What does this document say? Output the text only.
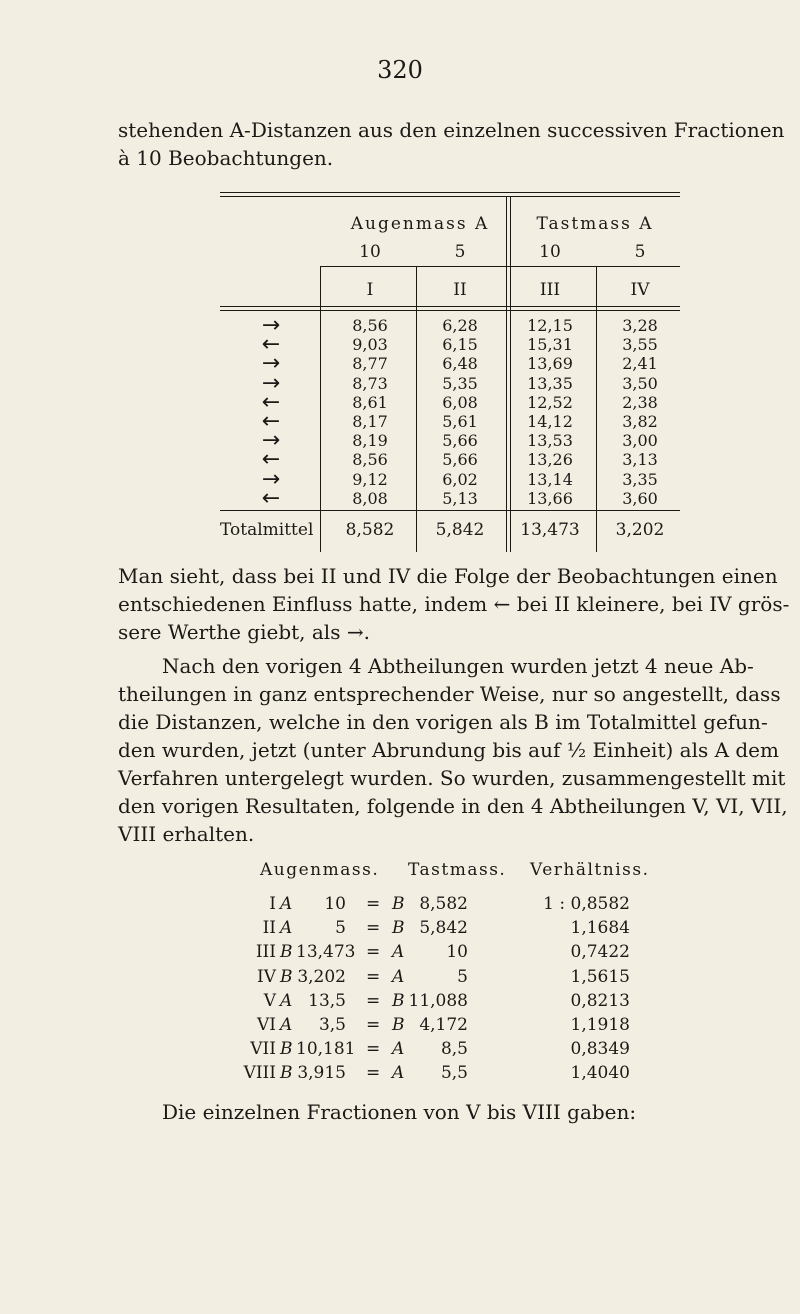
320
stehenden A-Distanzen aus den einzelnen successiven Fractionen
à 10 Beobachtungen.
Augenmass A	Tastmass A
10	5	10	5
I	II	III	IV
→	8,56	6,28	12,15	3,28
←	9,03	6,15	15,31	3,55
→	8,77	6,48	13,69	2,41
→	8,73	5,35	13,35	3,50
←	8,61	6,08	12,52	2,38
←	8,17	5,61	14,12	3,82
→	8,19	5,66	13,53	3,00
←	8,56	5,66	13,26	3,13
→	9,12	6,02	13,14	3,35
←	8,08	5,13	13,66	3,60
Totalmittel	8,582	5,842	13,473	3,202
Man sieht, dass bei II und IV die Folge der Beobachtungen einen
entschiedenen Einfluss hatte, indem ← bei II kleinere, bei IV grös-
sere Werthe giebt, als →.
Nach den vorigen 4 Abtheilungen wurden jetzt 4 neue Ab-
theilungen in ganz entsprechender Weise, nur so angestellt, dass
die Distanzen, welche in den vorigen als B im Totalmittel gefun-
den wurden, jetzt (unter Abrundung bis auf ½ Einheit) als A dem
Verfahren untergelegt wurden. So wurden, zusammengestellt mit
den vorigen Resultaten, folgende in den 4 Abtheilungen V, VI, VII,
VIII erhalten.
Augenmass. Tastmass. Verhältniss.
I A	10 = B 8,582	1 : 0,8582
II A	5 = B 5,842	1,1684
III B 13,473 = A	10	0,7422
IV B 3,202 = A	5	1,5615
V A 13,5 = B 11,088	0,8213
VI A	3,5 = B 4,172	1,1918
VII B 10,181 = A	8,5	0,8349
VIII B 3,915 = A	5,5	1,4040
Die einzelnen Fractionen von V bis VIII gaben:
